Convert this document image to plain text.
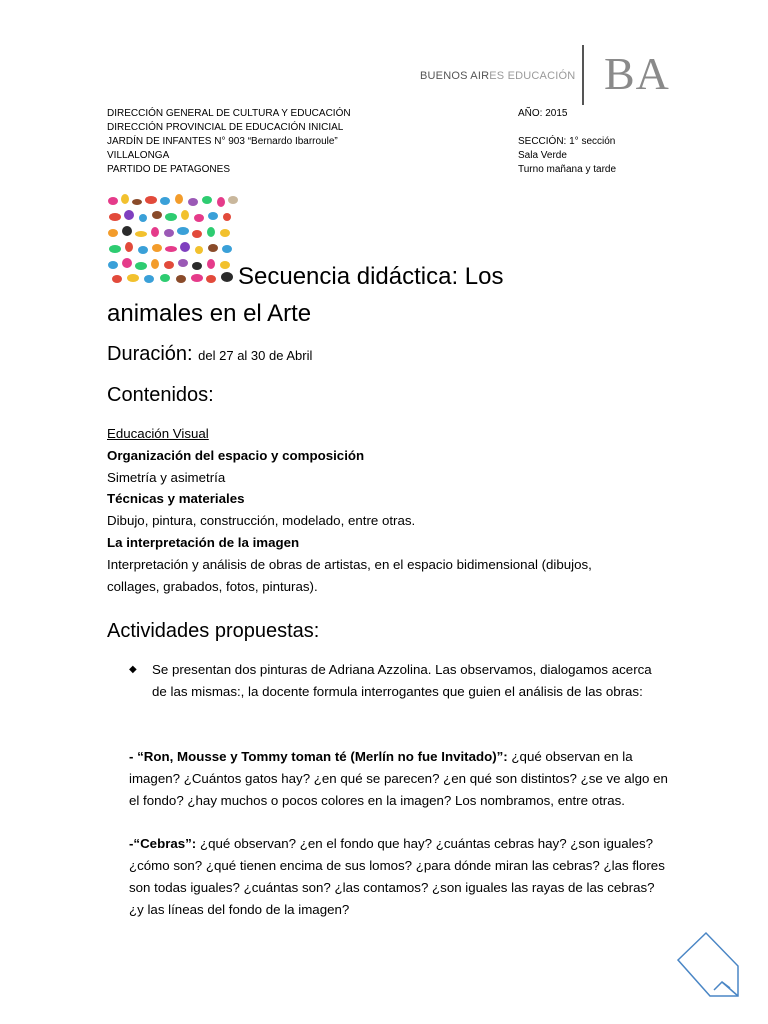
BUENOS AIRES EDUCACIÓN BA
DIRECCIÓN GENERAL DE CULTURA Y EDUCACIÓN
DIRECCIÓN PROVINCIAL DE EDUCACIÓN INICIAL
JARDÍN DE INFANTES N° 903 “Bernardo Ibarroule”
VILLALONGA
PARTIDO DE PATAGONES
AÑO: 2015
SECCIÓN: 1° sección
Sala Verde
Turno mañana y tarde
Secuencia didáctica: Los
animales en el Arte
Duración: del 27 al 30 de Abril
Contenidos:
Educación Visual
Organización del espacio y composición
Simetría y asimetría
Técnicas y materiales
Dibujo, pintura, construcción, modelado, entre otras.
La interpretación de la imagen
Interpretación y análisis de obras de artistas, en el espacio bidimensional (dibujos, collages, grabados, fotos, pinturas).
Actividades propuestas:
◆ Se presentan dos pinturas de Adriana Azzolina. Las observamos, dialogamos acerca de las mismas:, la docente formula interrogantes que guien el análisis de las obras:
- “Ron, Mousse y Tommy toman té (Merlín no fue Invitado)”: ¿qué observan en la imagen? ¿Cuántos gatos hay? ¿en qué se parecen? ¿en qué son distintos? ¿se ve algo en el fondo? ¿hay muchos o pocos colores en la imagen? Los nombramos, entre otras.
-“Cebras”: ¿qué observan? ¿en el fondo que hay? ¿cuántas cebras hay? ¿son iguales? ¿cómo son? ¿qué tienen encima de sus lomos? ¿para dónde miran las cebras? ¿las flores son todas iguales? ¿cuántas son? ¿las contamos? ¿son iguales las rayas de las cebras? ¿y las líneas del fondo de la imagen?
